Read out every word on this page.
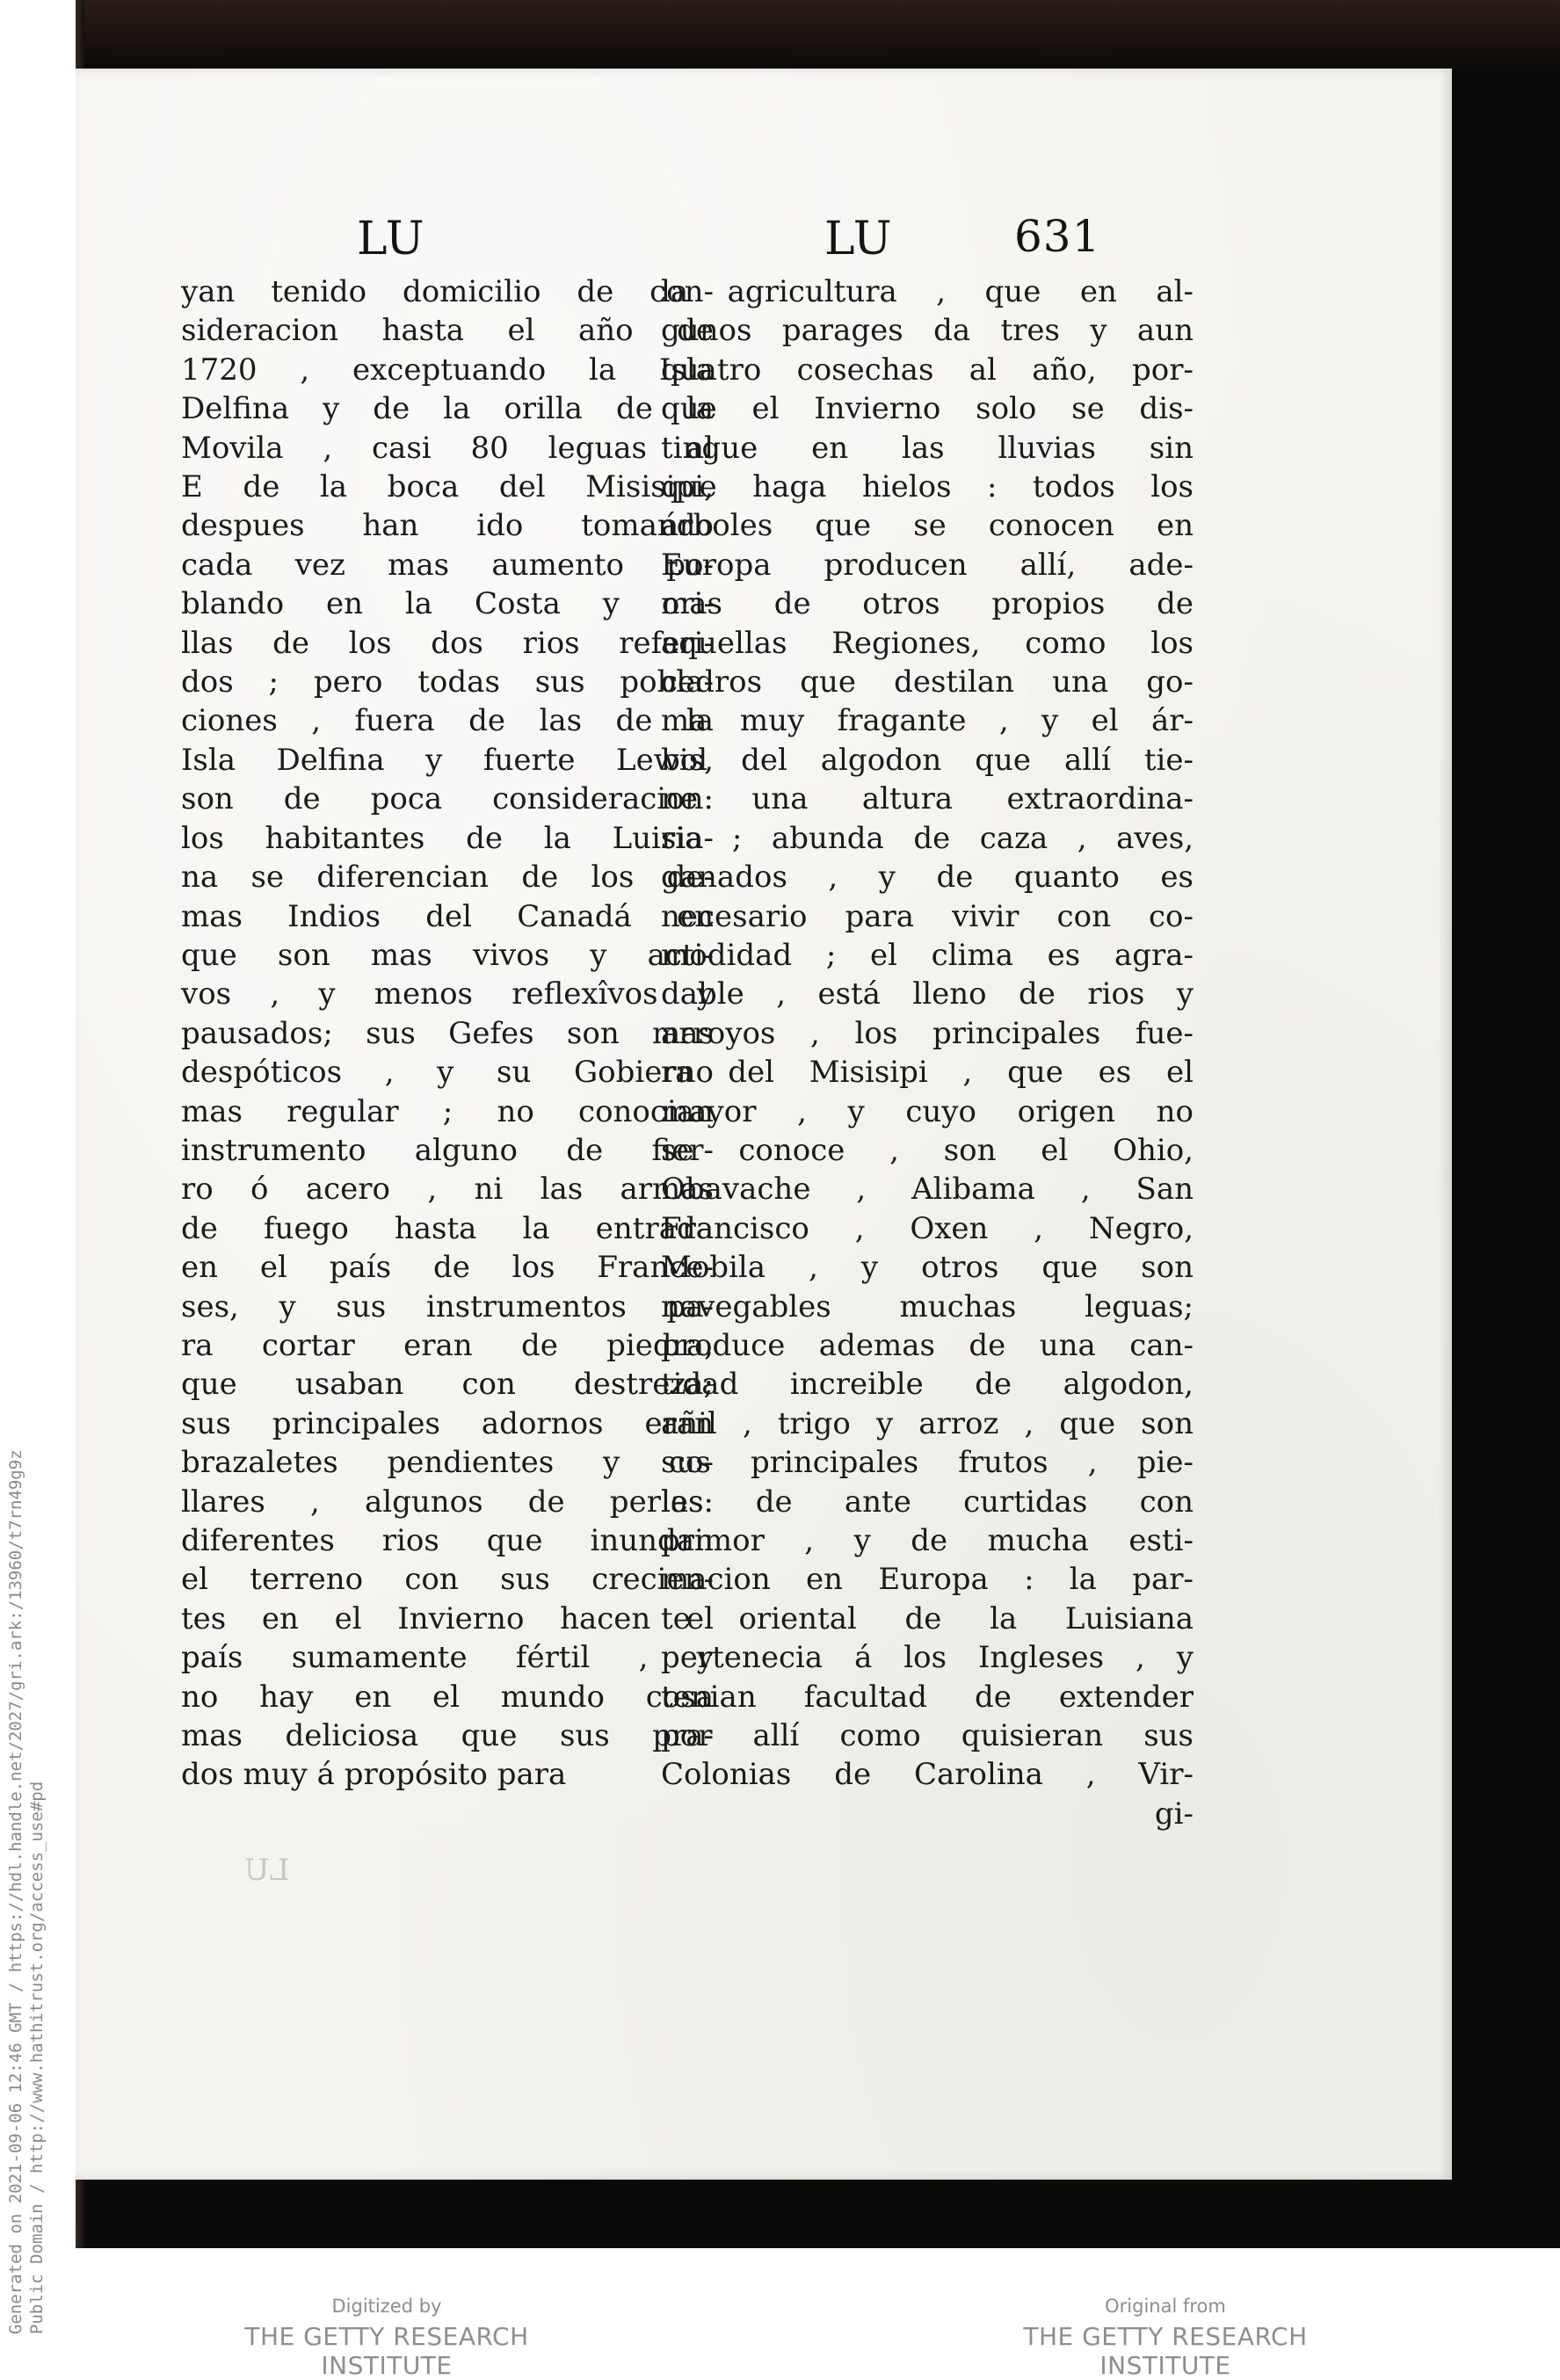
LU
LU	LU	631
yan tenido domicilio de con-
sideracion hasta el año de
1720 , exceptuando la Isla
Delfina y de la orilla de la
Movila , casi 80 leguas al
E de la boca del Misisipi,
despues han ido tomando
cada vez mas aumento po-
blando en la Costa y ori-
llas de los dos rios referi-
dos ; pero todas sus pobla-
ciones , fuera de las de la
Isla Delfina y fuerte Lewis,
son de poca consideracion:
los habitantes de la Luisia-
na se diferencian de los de-
mas Indios del Canadá en
que son mas vivos y acti-
vos , y menos reflexîvos y
pausados; sus Gefes son mas
despóticos , y su Gobierno
mas regular ; no conocian
instrumento alguno de fier-
ro ó acero , ni las armas
de fuego hasta la entrada
en el país de los France-
ses, y sus instrumentos pa-
ra cortar eran de piedra,
que usaban con destreza;
sus principales adornos eran
brazaletes pendientes y co-
llares , algunos de perlas:
diferentes rios que inundan
el terreno con sus crecien-
tes en el Invierno hacen el
país sumamente fértil , y
no hay en el mundo cosa
mas deliciosa que sus pra-
dos muy á propósito para
la agricultura , que en al-
gunos parages da tres y aun
quatro cosechas al año, por-
que el Invierno solo se dis-
tingue en las lluvias sin
que haga hielos : todos los
árboles que se conocen en
Europa producen allí, ade-
mas de otros propios de
aquellas Regiones, como los
cedros que destilan una go-
ma muy fragante , y el ár-
bol del algodon que allí tie-
ne una altura extraordina-
ria ; abunda de caza , aves,
ganados , y de quanto es
necesario para vivir con co-
modidad ; el clima es agra-
dable , está lleno de rios y
arroyos , los principales fue-
ra del Misisipi , que es el
mayor , y cuyo origen no
se conoce , son el Ohio,
Obavache , Alibama , San
Francisco , Oxen , Negro,
Mobila , y otros que son
navegables muchas leguas;
produce ademas de una can-
tidad increible de algodon,
añil , trigo y arroz , que son
sus principales frutos , pie-
les de ante curtidas con
primor , y de mucha esti-
macion en Europa : la par-
te oriental de la Luisiana
pertenecia á los Ingleses , y
tenian facultad de extender
por allí como quisieran sus
Colonias de Carolina , Vir-
gi-
Generated on 2021-09-06 12:46 GMT / https://hdl.handle.net/2027/gri.ark:/13960/t7rn49g9z Public Domain / http://www.hathitrust.org/access_use#pd	Digitized by
THE GETTY RESEARCH INSTITUTE
Original from
THE GETTY RESEARCH INSTITUTE
